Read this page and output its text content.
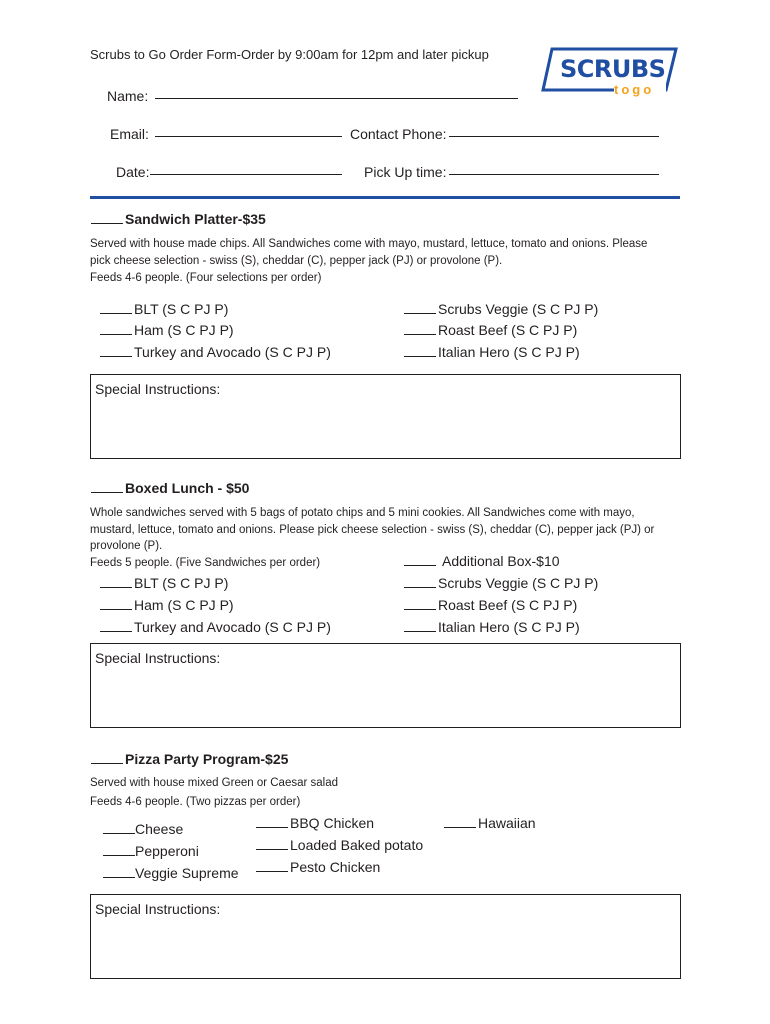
Scrubs to Go Order Form-Order by 9:00am for 12pm and later pickup
SCRUBS
togo
Name:
Email:	Contact Phone:
Date:	Pick Up time:
Sandwich Platter-$35
Served with house made chips. All Sandwiches come with mayo, mustard, lettuce, tomato and onions. Please pick cheese selection - swiss (S), cheddar (C), pepper jack (PJ) or provolone (P).
Feeds 4-6 people. (Four selections per order)
BLT (S C PJ P)
Ham (S C PJ P)
Turkey and Avocado (S C PJ P)
Scrubs Veggie (S C PJ P)
Roast Beef (S C PJ P)
Italian Hero (S C PJ P)
Special Instructions:
Boxed Lunch - $50
Whole sandwiches served with 5 bags of potato chips and 5 mini cookies. All Sandwiches come with mayo, mustard, lettuce, tomato and onions. Please pick cheese selection - swiss (S), cheddar (C), pepper jack (PJ) or provolone (P).
Feeds 5 people. (Five Sandwiches per order)	Additional Box-$10
BLT (S C PJ P)
Ham (S C PJ P)
Turkey and Avocado (S C PJ P)
Scrubs Veggie (S C PJ P)
Roast Beef (S C PJ P)
Italian Hero (S C PJ P)
Special Instructions:
Pizza Party Program-$25
Served with house mixed Green or Caesar salad
Feeds 4-6 people. (Two pizzas per order)
Cheese
Pepperoni
Veggie Supreme
BBQ Chicken
Loaded Baked potato
Pesto Chicken
Hawaiian
Special Instructions:
